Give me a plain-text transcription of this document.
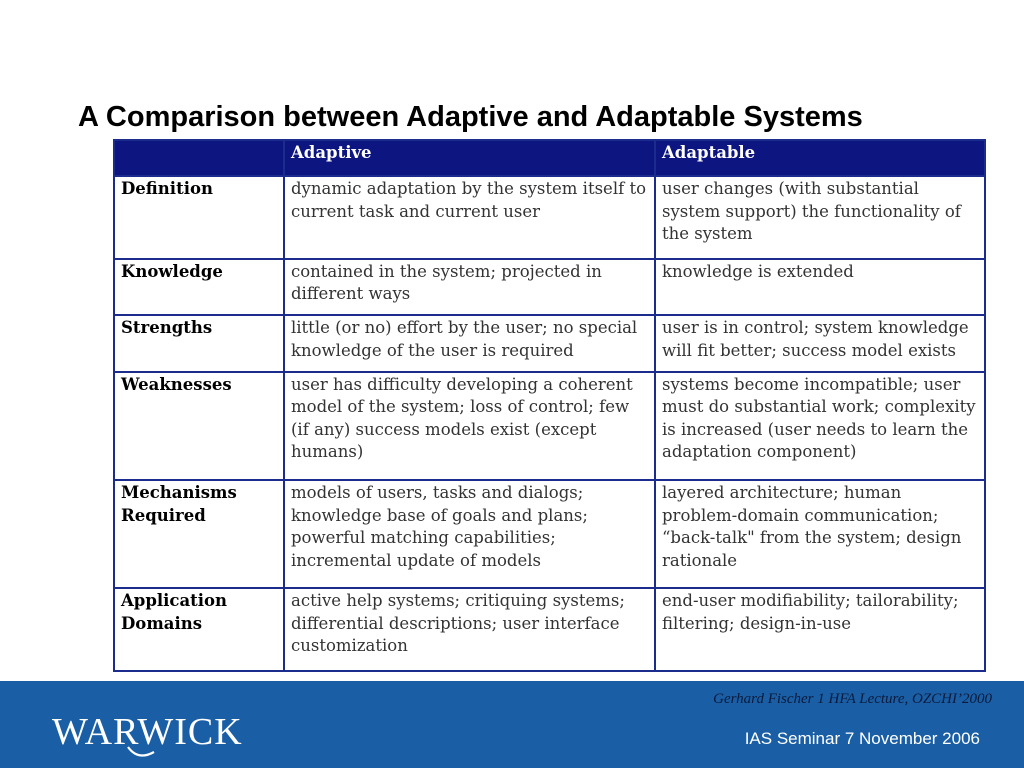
A Comparison between Adaptive and Adaptable Systems
	Adaptive	Adaptable
Definition	dynamic adaptation by the system itself to current task and current user	user changes (with substantial system support) the functionality of the system
Knowledge	contained in the system; projected in different ways	knowledge is extended
Strengths	little (or no) effort by the user; no special knowledge of the user is required	user is in control; system knowledge will fit better; success model exists
Weaknesses	user has difficulty developing a coherent model of the system; loss of control; few (if any) success models exist (except humans)	systems become incompatible; user must do substantial work; complexity is increased (user needs to learn the adaptation component)
Mechanisms Required	models of users, tasks and dialogs; knowledge base of goals and plans; powerful matching capabilities; incremental update of models	layered architecture; human problem-domain communication; “back-talk" from the system; design rationale
Application Domains	active help systems; critiquing systems; differential descriptions; user interface customization	end-user modifiability; tailorability; filtering; design-in-use
WARWICK

Gerhard Fischer 1 HFA Lecture, OZCHI’2000

IAS Seminar 7 November 2006
